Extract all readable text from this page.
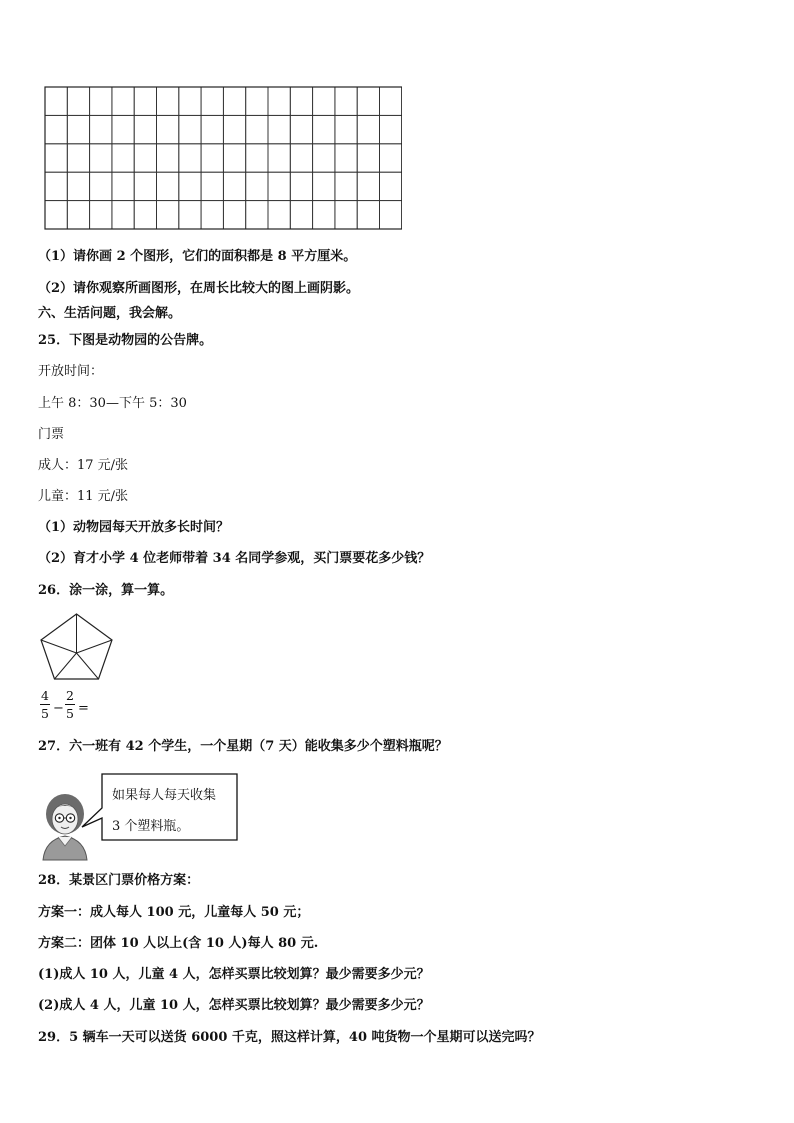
（1）请你画 2 个图形，它们的面积都是 8 平方厘米。
（2）请你观察所画图形，在周长比较大的图上画阴影。
六、生活问题，我会解。
25．下图是动物园的公告牌。
开放时间：
上午 8：30—下午 5：30
门票
成人：17 元/张
儿童：11 元/张
（1）动物园每天开放多长时间？
（2）育才小学 4 位老师带着 34 名同学参观，买门票要花多少钱？
26．涂一涂，算一算。
4
5 −
2
5 =
27．六一班有 42 个学生，一个星期（7 天）能收集多少个塑料瓶呢？
如果每人每天收集
3 个塑料瓶。
28．某景区门票价格方案：
方案一：成人每人 100 元，儿童每人 50 元；
方案二：团体 10 人以上(含 10 人)每人 80 元.
(1)成人 10 人，儿童 4 人，怎样买票比较划算？最少需要多少元？
(2)成人 4 人，儿童 10 人，怎样买票比较划算？最少需要多少元？
29．5 辆车一天可以送货 6000 千克，照这样计算，40 吨货物一个星期可以送完吗？
